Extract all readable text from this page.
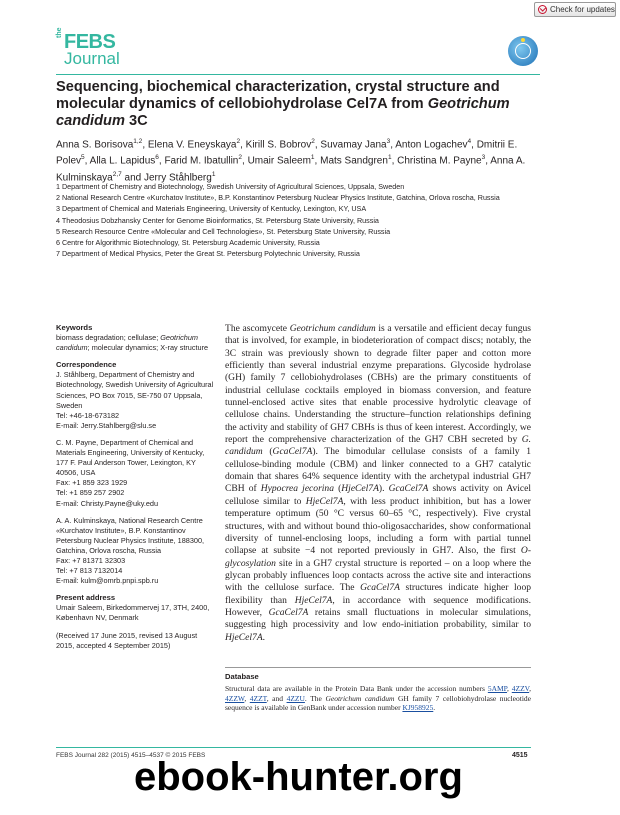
Check for updates
the FEBS
Journal
Sequencing, biochemical characterization, crystal structure and molecular dynamics of cellobiohydrolase Cel7A from Geotrichum candidum 3C
Anna S. Borisova$^{1,2}$, Elena V. Eneyskaya$^2$, Kirill S. Bobrov$^2$, Suvamay Jana$^3$, Anton Logachev$^4$, Dmitrii E. Polev$^5$, Alla L. Lapidus$^6$, Farid M. Ibatullin$^2$, Umair Saleem$^1$, Mats Sandgren$^1$, Christina M. Payne$^3$, Anna A. Kulminskaya$^{2,7}$ and Jerry Ståhlberg$^1$
1 Department of Chemistry and Biotechnology, Swedish University of Agricultural Sciences, Uppsala, Sweden
2 National Research Centre «Kurchatov Institute», B.P. Konstantinov Petersburg Nuclear Physics Institute, Gatchina, Orlova roscha, Russia
3 Department of Chemical and Materials Engineering, University of Kentucky, Lexington, KY, USA
4 Theodosius Dobzhansky Center for Genome Bioinformatics, St. Petersburg State University, Russia
5 Research Resource Centre «Molecular and Cell Technologies», St. Petersburg State University, Russia
6 Centre for Algorithmic Biotechnology, St. Petersburg Academic University, Russia
7 Department of Medical Physics, Peter the Great St. Petersburg Polytechnic University, Russia
Keywords
biomass degradation; cellulase; Geotrichum candidum; molecular dynamics; X-ray structure
Correspondence
J. Ståhlberg, Department of Chemistry and Biotechnology, Swedish University of Agricultural Sciences, PO Box 7015, SE-750 07 Uppsala, Sweden
Tel: +46-18-673182
E-mail: Jerry.Stahlberg@slu.se
C. M. Payne, Department of Chemical and Materials Engineering, University of Kentucky, 177 F. Paul Anderson Tower, Lexington, KY 40506, USA
Fax: +1 859 323 1929
Tel: +1 859 257 2902
E-mail: Christy.Payne@uky.edu
A. A. Kulminskaya, National Research Centre «Kurchatov Institute», B.P. Konstantinov Petersburg Nuclear Physics Institute, 188300, Gatchina, Orlova roscha, Russia
Fax: +7 81371 32303
Tel: +7 813 7132014
E-mail: kulm@omrb.pnpi.spb.ru
Present address
Umair Saleem, Birkedommervej 17, 3TH, 2400, København NV, Denmark
(Received 17 June 2015, revised 13 August 2015, accepted 4 September 2015)
The ascomycete Geotrichum candidum is a versatile and efficient decay fungus that is involved, for example, in biodeterioration of compact discs; notably, the 3C strain was previously shown to degrade filter paper and cotton more efficiently than several industrial enzyme preparations. Glycoside hydrolase (GH) family 7 cellobiohydrolases (CBHs) are the primary constituents of industrial cellulase cocktails employed in biomass conversion, and feature tunnel-enclosed active sites that enable processive hydrolytic cleavage of cellulose chains. Understanding the structure–function relationships defining the activity and stability of GH7 CBHs is thus of keen interest. Accordingly, we report the comprehensive characterization of the GH7 CBH secreted by G. candidum (GcaCel7A). The bimodular cellulase consists of a family 1 cellulose-binding module (CBM) and linker connected to a GH7 catalytic domain that shares 64% sequence identity with the archetypal industrial GH7 CBH of Hypocrea jecorina (HjeCel7A). GcaCel7A shows activity on Avicel cellulose similar to HjeCel7A, with less product inhibition, but has a lower temperature optimum (50 °C versus 60–65 °C, respectively). Five crystal structures, with and without bound thio-oligosaccharides, show conformational diversity of tunnel-enclosing loops, including a form with partial tunnel collapse at subsite −4 not reported previously in GH7. Also, the first O-glycosylation site in a GH7 crystal structure is reported – on a loop where the glycan probably influences loop contacts across the active site and interactions with the cellulose surface. The GcaCel7A structures indicate higher loop flexibility than HjeCel7A, in accordance with sequence modifications. However, GcaCel7A retains small fluctuations in molecular simulations, suggesting high processivity and low endo-initiation probability, similar to HjeCel7A.
Database
Structural data are available in the Protein Data Bank under the accession numbers 5AMP, 4ZZV, 4ZZW, 4ZZT, and 4ZZU. The Geotrichum candidum GH family 7 cellobiohydrolase nucleotide sequence is available in GenBank under accession number KJ958925.
FEBS Journal 282 (2015) 4515–4537 © 2015 FEBS	4515
ebook-hunter.org
